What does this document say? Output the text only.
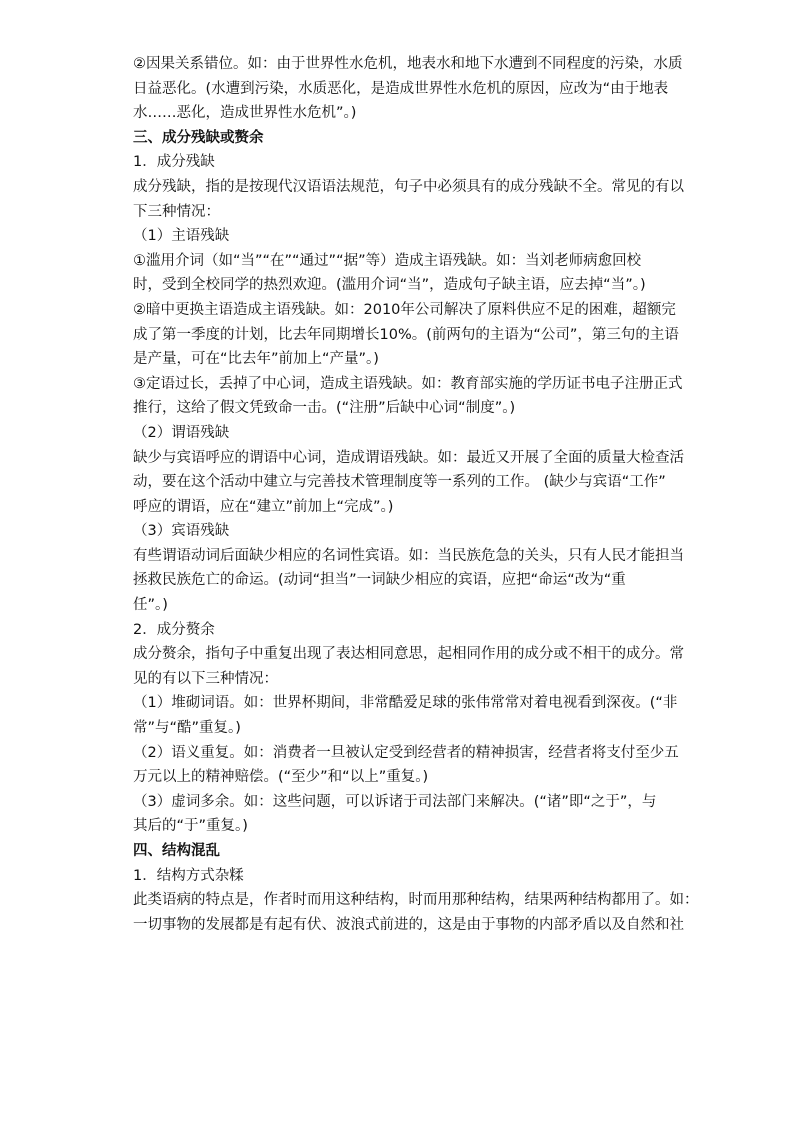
②因果关系错位。如：由于世界性水危机，地表水和地下水遭到不同程度的污染，水质
日益恶化。(水遭到污染，水质恶化，是造成世界性水危机的原因，应改为“由于地表
水……恶化，造成世界性水危机”。)
三、成分残缺或赘余
1．成分残缺
成分残缺，指的是按现代汉语语法规范，句子中必须具有的成分残缺不全。常见的有以
下三种情况：
（1）主语残缺
①滥用介词（如“当”“在”“通过”“据”等）造成主语残缺。如：当刘老师病愈回校
时，受到全校同学的热烈欢迎。(滥用介词“当”，造成句子缺主语，应去掉“当”。)
②暗中更换主语造成主语残缺。如：2010年公司解决了原料供应不足的困难，超额完
成了第一季度的计划，比去年同期增长10%。(前两句的主语为“公司”，第三句的主语
是产量，可在“比去年”前加上“产量”。)
③定语过长，丢掉了中心词，造成主语残缺。如：教育部实施的学历证书电子注册正式
推行，这给了假文凭致命一击。(“注册”后缺中心词“制度”。)
（2）谓语残缺
缺少与宾语呼应的谓语中心词，造成谓语残缺。如：最近又开展了全面的质量大检查活
动，要在这个活动中建立与完善技术管理制度等一系列的工作。 (缺少与宾语“工作”
呼应的谓语，应在“建立”前加上“完成”。)
（3）宾语残缺
有些谓语动词后面缺少相应的名词性宾语。如：当民族危急的关头，只有人民才能担当
拯救民族危亡的命运。(动词“担当”一词缺少相应的宾语，应把“命运“改为“重
任”。)
2．成分赘余
成分赘余，指句子中重复出现了表达相同意思，起相同作用的成分或不相干的成分。常
见的有以下三种情况：
（1）堆砌词语。如：世界杯期间，非常酷爱足球的张伟常常对着电视看到深夜。(“非
常”与“酷”重复。)
（2）语义重复。如：消费者一旦被认定受到经营者的精神损害，经营者将支付至少五
万元以上的精神赔偿。(“至少”和“以上”重复。)
（3）虚词多余。如：这些问题，可以诉诸于司法部门来解决。(“诸”即“之于”，与
其后的“于”重复。)
四、结构混乱
1．结构方式杂糅
此类语病的特点是，作者时而用这种结构，时而用那种结构，结果两种结构都用了。如：
一切事物的发展都是有起有伏、波浪式前进的，这是由于事物的内部矛盾以及自然和社
